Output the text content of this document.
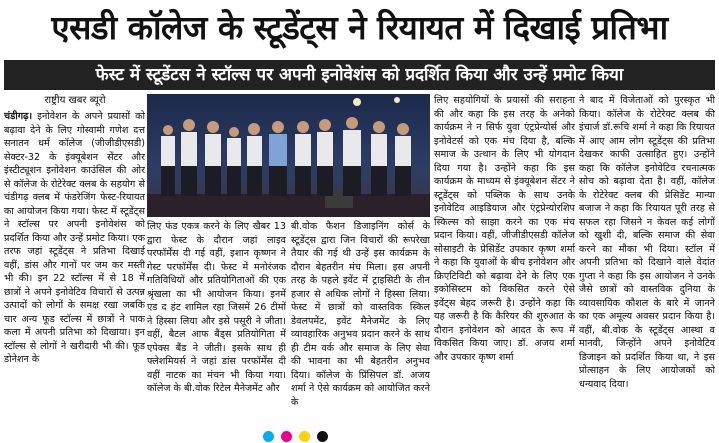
एसडी कॉलेज के स्टूडेंट्स ने रियायत में दिखाई प्रतिभा
फेस्ट में स्टूडेंटस ने स्टॉल्स पर अपनी इनोवेशंस को प्रदर्शित किया और उन्हें प्रमोट किया
राष्ट्रीय खबर ब्यूरो

चंडीगढ़। इनोवेशन के अपने प्रयासों को बढ़ावा देने के लिए गोस्वामी गणेश दत्त सनातन धर्म कॉलेज (जीजीडीएसडी) सेक्टर-32 के इंक्यूबेशन सेंटर और इंस्टीट्यूशन इनोवेशन काउंसिल की ओर से कॉलेज के रोटेरेक्ट क्लब के सहयोग से चंडीगढ़ क्लब में फंडरेजिंग फेस्ट-रियायत का आयोजन किया गया। फेस्ट में स्टूडेंट्स ने स्टॉल्स पर अपनी इनोवेशंस को प्रदर्शित किया और उन्हें प्रमोट किया। एक तरफ जहां स्टूडेंट्स ने प्रतिभा दिखाई वहीं, डांस और गानों पर जम कर मस्ती भी की। इन 22 स्टॉल्स में से 18 में छात्रों ने अपने इनोवेटिव विचारों से उत्पन्न उत्पादों को लोगों के समक्ष रखा जबकि चार अन्य फूड स्टॉल्स में छात्रों ने पाक कला में अपनी प्रतिभा को दिखाया। इन स्टॉल्स से लोगों ने खरीदारी भी की। फूड डोनेशन के

लिए फंड एकत्र करने के लिए खैबर 13 द्वारा फेस्ट के दौरान जहां लाइव परफॉर्मेंस दी गई वहीं, इशान कृष्णन ने गेस्ट परफॉर्मेंस दी। फेस्ट में मनोरंजक गतिविधियों और प्रतियोगिताओं की एक श्रृंखला का भी आयोजन किया। इनमें एड द हंट शामिल रहा जिसमें 26 टीमों ने हिस्सा लिया और इसे पसूरी ने जीता। वहीं, बैटल आफ बैंड्स प्रतियोगिता में एपेक्स बैंड ने जीती। इसके साथ ही फ्लेशमियर्स ने जहां डांस परफॉर्मेंस दी वहीं नाटक का मंचन भी किया गया। कॉलेज के बी.वोक रिटेल मैनेजमेंट और

बी.वोक फैशन डिजाइनिंग कोर्स के स्टूडेंट्स द्वारा जिन विचारों की रूपरेखा तैयार की गई थी उन्हें इस कार्यक्रम के दौरान बेहतरीन मंच मिला। इस अपनी तरह के पहले इवेंट में ट्राइसिटी के तीन हजार से अधिक लोगों ने हिस्सा लिया। फेस्ट में छात्रों को वास्तविक स्किल डेवलपमेंट, इवेंट मैनेजमेंट के लिए व्यावहारिक अनुभव प्रदान करने के साथ ही टीम वर्क और समाज के लिए सेवा की भावना का भी बेहतरीन अनुभव दिया। कॉलेज के प्रिंसिपल डॉ. अजय शर्मा ने ऐसे कार्यक्रम को आयोजित करने के

लिए सहयोगियों के प्रयासों की सराहना की और कहा कि इस तरह के अनेको कार्यक्रम ने न सिर्फ युवा एंट्रप्रेन्योर्स और इनोवेटर्स को एक मंच दिया है, बल्कि समाज के उत्थान के लिए भी योगदान दिया गया है। उन्होंने कहा कि इस कार्यक्रम के माध्यम से इंक्यूबेशन सेंटर ने स्टूडेंट्स को पब्लिक के साथ उनके इनोवेटिव आइडियाज और एंट्रप्रेन्योरशिप स्किल्स को साझा करने का एक मंच प्रदान किया। वहीं, जीजीडीएसडी कॉलेज सोसाइटी के प्रेसिडेंट उपकार कृष्ण शर्मा ने कहा कि युवाओं के बीच इनोवेशन और क्रिएटिविटी को बढ़ावा देने के लिए एक इकोसिस्टम को विकसित करने ऐसे इवेंट्स बेहद जरूरी है। उन्होंने कहा कि यह जरूरी है कि कैरियर की शुरुआत के दौरान इनोवेशन को आदत के रूप में विकसित किया जाए। डॉ. अजय शर्मा और उपकार कृष्ण शर्मा

ने बाद में विजेताओं को पुरस्कृत भी किया। कॉलेज के रोटेरेक्ट क्लब की इंचार्ज डॉ.रूचि शर्मा ने कहा कि रियायत में आए आम लोग स्टूडेंट्स की प्रतिभा देखकर काफी उत्साहित हुए। उन्होंने कहा कि कॉलेज इनोवेटिव रचनात्मक सोच को बढ़ावा देता है। वहीं, कॉलेज के रोटेरेक्ट क्लब की प्रेसिडेंट मान्या बजाज ने कहा कि रियायत पूरी तरह से सफल रहा जिसने न केवल कई लोगों को खुशी दी, बल्कि समाज की सेवा करने का मौका भी दिया। स्टॉल में अपनी प्रतिभा को दिखाने वाले वेदांत गुप्ता ने कहा कि इस आयोजन ने उनके जैसे छात्रों को वास्तविक दुनिया के व्यावसायिक कौशल के बारे में जानने का एक अमूल्य अवसर प्रदान किया है। वहीं, बी.वोक के स्टूडेंट्स आस्था व मानवी, जिन्होंने अपने इनोवेटिव डिजाइन को प्रदर्शित किया था, ने इस प्रोत्साहन के लिए आयोजकों को धन्यवाद दिया।
